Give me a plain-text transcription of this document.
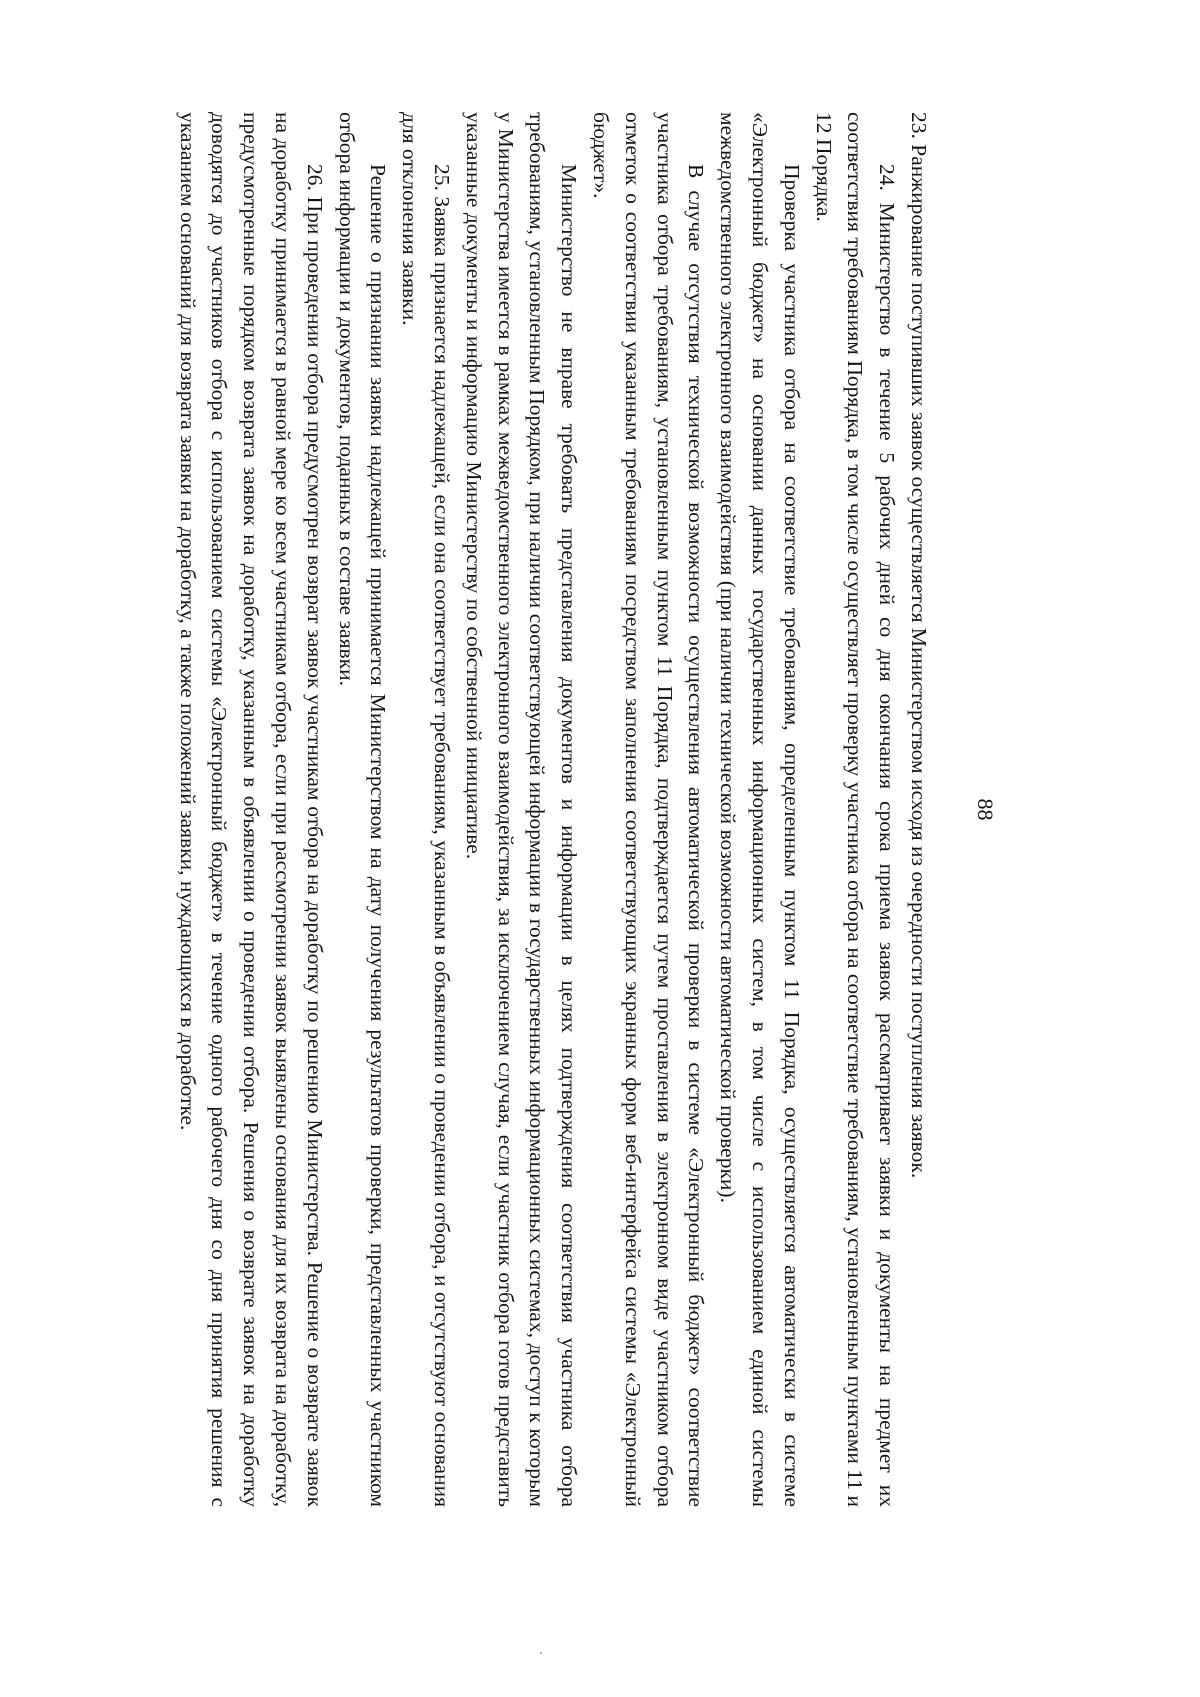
88

23. Ранжирование поступивших заявок осуществляется Министерством исходя из очередности поступления заявок.

24. Министерство в течение 5 рабочих дней со дня окончания срока приема заявок рассматривает заявки и документы на предмет их соответствия требованиям Порядка, в том числе осуществляет проверку участника отбора на соответствие требованиям, установленным пунктами 11 и 12 Порядка.

Проверка участника отбора на соответствие требованиям, определенным пунктом 11 Порядка, осуществляется автоматически в системе «Электронный бюджет» на основании данных государственных информационных систем, в том числе с использованием единой системы межведомственного электронного взаимодействия (при наличии технической возможности автоматической проверки).

В случае отсутствия технической возможности осуществления автоматической проверки в системе «Электронный бюджет» соответствие участника отбора требованиям, установленным пунктом 11 Порядка, подтверждается путем проставления в электронном виде участником отбора отметок о соответствии указанным требованиям посредством заполнения соответствующих экранных форм веб-интерфейса системы «Электронный бюджет».

Министерство не вправе требовать представления документов и информации в целях подтверждения соответствия участника отбора требованиям, установленным Порядком, при наличии соответствующей информации в государственных информационных системах, доступ к которым у Министерства имеется в рамках межведомственного электронного взаимодействия, за исключением случая, если участник отбора готов представить указанные документы и информацию Министерству по собственной инициативе.

25. Заявка признается надлежащей, если она соответствует требованиям, указанным в объявлении о проведении отбора, и отсутствуют основания для отклонения заявки.

Решение о признании заявки надлежащей принимается Министерством на дату получения результатов проверки, представленных участником отбора информации и документов, поданных в составе заявки.

26. При проведении отбора предусмотрен возврат заявок участникам отбора на доработку по решению Министерства. Решение о возврате заявок на доработку принимается в равной мере ко всем участникам отбора, если при рассмотрении заявок выявлены основания для их возврата на доработку, предусмотренные порядком возврата заявок на доработку, указанным в объявлении о проведении отбора. Решения о возврате заявок на доработку доводятся до участников отбора с использованием системы «Электронный бюджет» в течение одного рабочего дня со дня принятия решения с указанием оснований для возврата заявки на доработку, а также положений заявки, нуждающихся в доработке.
